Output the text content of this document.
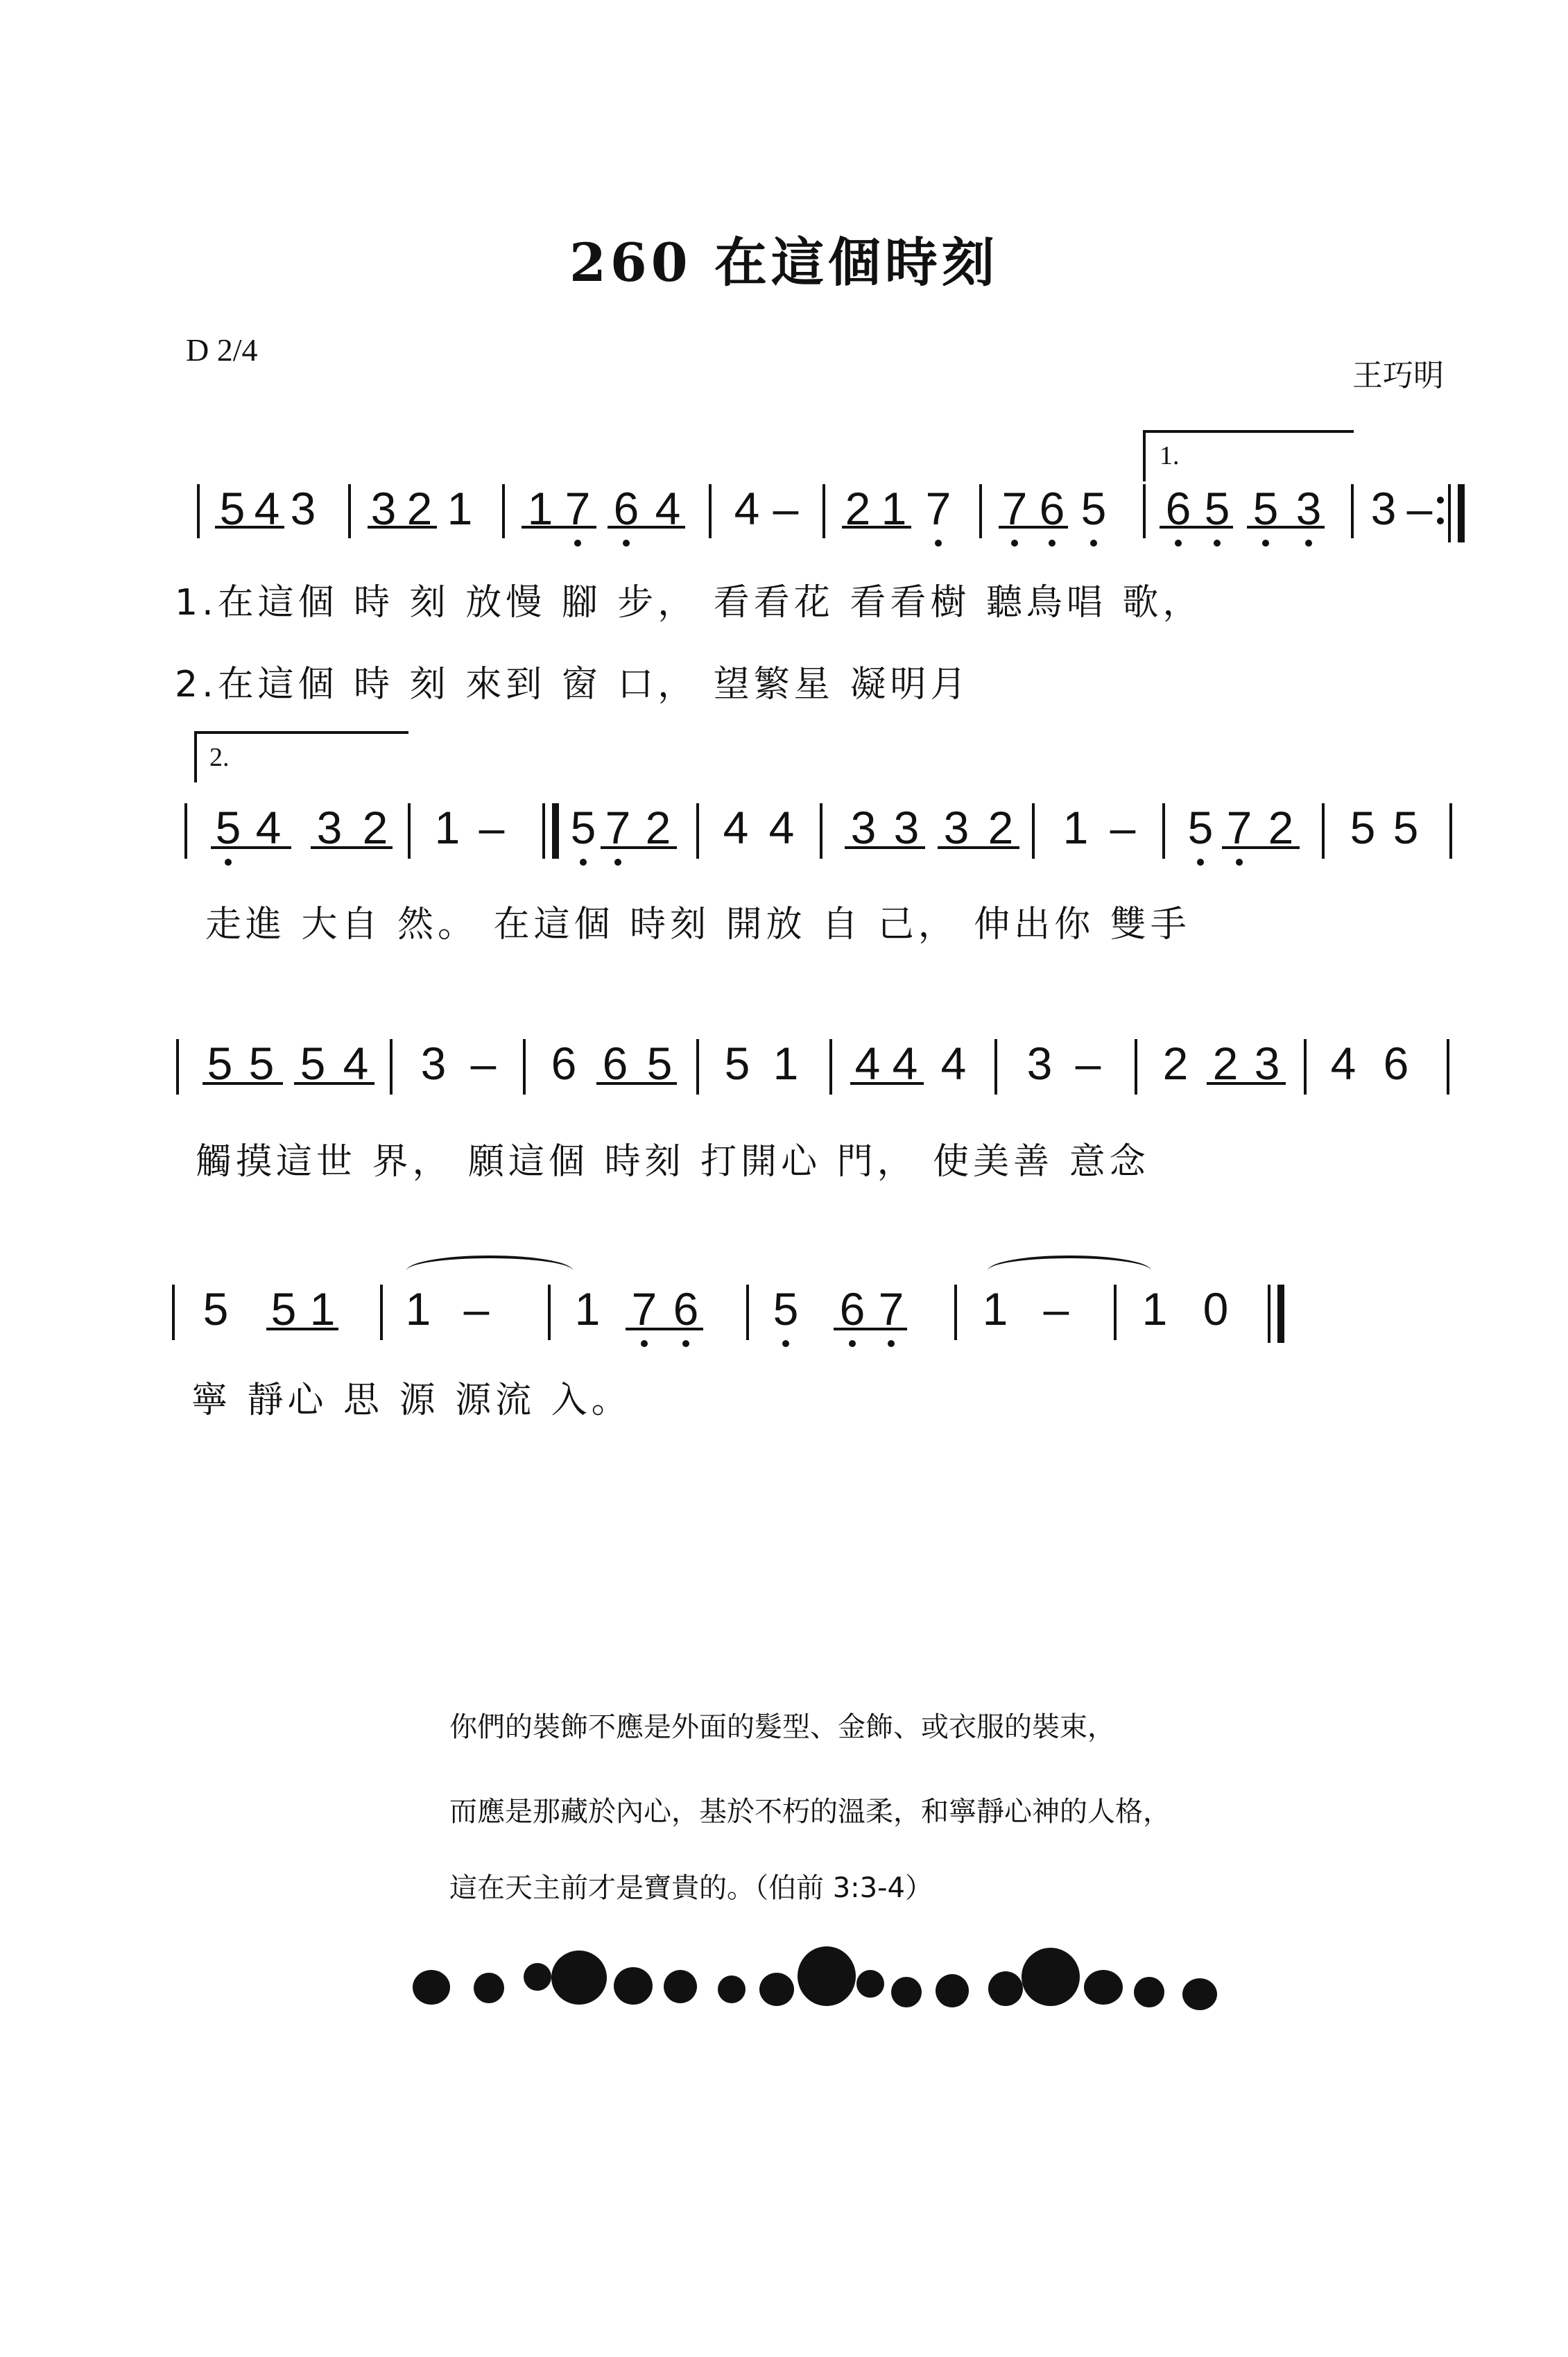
260 在這個時刻
D 2/4
王巧明
1.
5 4 3 3 2 1 1 7 6 4 4 – 2 1 7 7 6 5 6 5 5 3 3 –
1.在這個 時 刻 放慢 腳 步， 看看花 看看樹 聽鳥唱 歌，
2.在這個 時 刻 來到 窗 口， 望繁星 凝明月
2.
5 4 3 2 1 – 5 7 2 4 4 3 3 3 2 1 – 5 7 2 5 5
走進 大自 然。 在這個 時刻 開放 自 己， 伸出你 雙手
5 5 5 4 3 – 6 6 5 5 1 4 4 4 3 – 2 2 3 4 6
觸摸這世 界， 願這個 時刻 打開心 門， 使美善 意念
5 5 1 1 – 1 7 6 5 6 7 1 – 1 0
寧 靜心 思 源 源流 入。
你們的裝飾不應是外面的髮型、金飾、或衣服的裝束，
而應是那藏於內心，基於不朽的溫柔，和寧靜心神的人格，
這在天主前才是寶貴的。（伯前 3:3-4）
